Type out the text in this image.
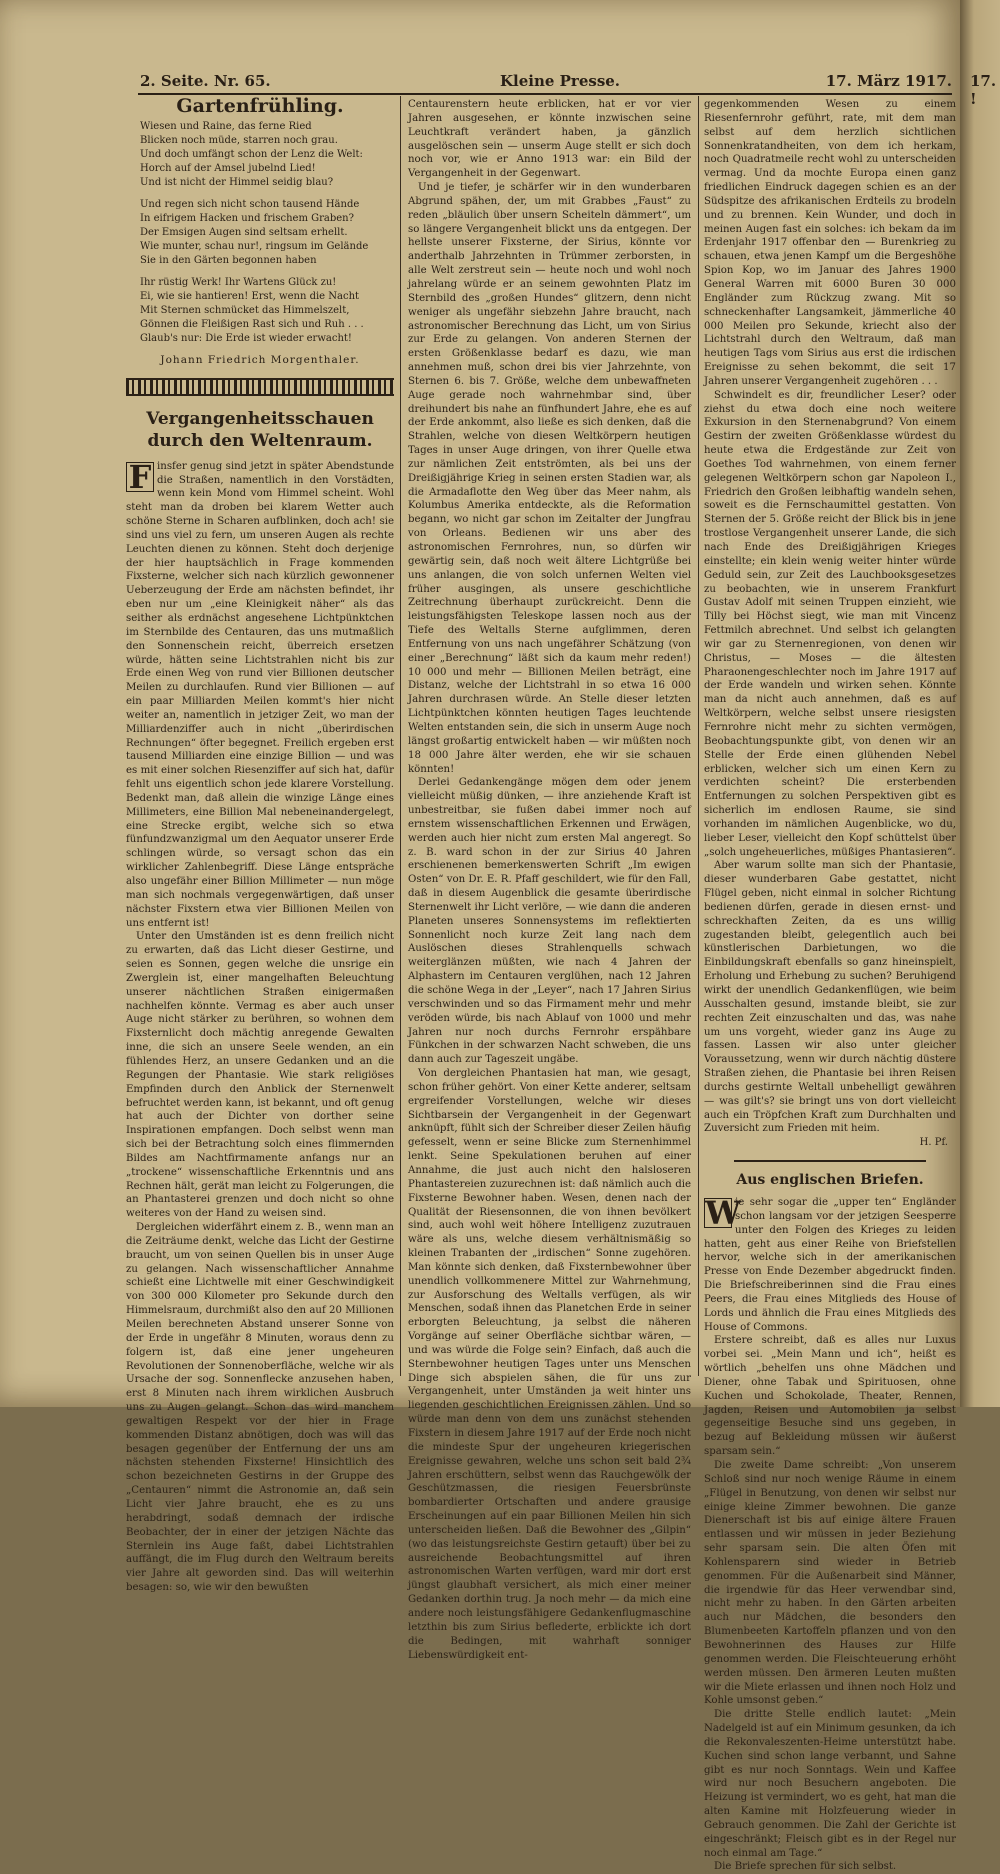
2. Seite. Nr. 65.	Kleine Presse.	17. März 1917.
Gartenfrühling.
Wiesen und Raine, das ferne Ried
Blicken noch müde, starren noch grau.
Und doch umfängt schon der Lenz die Welt:
Horch auf der Amsel jubelnd Lied!
Und ist nicht der Himmel seidig blau?
Und regen sich nicht schon tausend Hände
In eifrigem Hacken und frischem Graben?
Der Emsigen Augen sind seltsam erhellt.
Wie munter, schau nur!, ringsum im Gelände
Sie in den Gärten begonnen haben
Ihr rüstig Werk! Ihr Wartens Glück zu!
Ei, wie sie hantieren! Erst, wenn die Nacht
Mit Sternen schmücket das Himmelszelt,
Gönnen die Fleißigen Rast sich und Ruh . . .
Glaub's nur: Die Erde ist wieder erwacht!
Johann Friedrich Morgenthaler.
Vergangenheitsschauen durch den Weltenraum.
F insfer genug sind jetzt in später Abendstunde die Straßen, namentlich in den Vorstädten, wenn kein Mond vom Himmel scheint. Wohl steht man da droben bei klarem Wetter auch schöne Sterne in Scharen aufblinken, doch ach! sie sind uns viel zu fern, um unseren Augen als rechte Leuchten dienen zu können. Steht doch derjenige der hier hauptsächlich in Frage kommenden Fixsterne, welcher sich nach kürzlich gewonnener Ueberzeugung der Erde am nächsten befindet, ihr eben nur um „eine Kleinigkeit näher“ als das seither als erdnächst angesehene Lichtpünktchen im Sternbilde des Centauren, das uns mutmaßlich den Sonnenschein reicht, überreich ersetzen würde, hätten seine Lichtstrahlen nicht bis zur Erde einen Weg von rund vier Billionen deutscher Meilen zu durchlaufen. Rund vier Billionen — auf ein paar Milliarden Meilen kommt's hier nicht weiter an, namentlich in jetziger Zeit, wo man der Milliardenziffer auch in nicht „überirdischen Rechnungen“ öfter begegnet. Freilich ergeben erst tausend Milliarden eine einzige Billion — und was es mit einer solchen Riesenziffer auf sich hat, dafür fehlt uns eigentlich schon jede klarere Vorstellung. Bedenkt man, daß allein die winzige Länge eines Millimeters, eine Billion Mal nebeneinandergelegt, eine Strecke ergibt, welche sich so etwa fünfundzwanzigmal um den Aequator unserer Erde schlingen würde, so versagt schon das ein wirklicher Zahlenbegriff. Diese Länge entspräche also ungefähr einer Billion Millimeter — nun möge man sich nochmals vergegenwärtigen, daß unser nächster Fixstern etwa vier Billionen Meilen von uns entfernt ist!

Unter den Umständen ist es denn freilich nicht zu erwarten, daß das Licht dieser Gestirne, und seien es Sonnen, gegen welche die unsrige ein Zwerglein ist, einer mangelhaften Beleuchtung unserer nächtlichen Straßen einigermaßen nachhelfen könnte. Vermag es aber auch unser Auge nicht stärker zu berühren, so wohnen dem Fixsternlicht doch mächtig anregende Gewalten inne, die sich an unsere Seele wenden, an ein fühlendes Herz, an unsere Gedanken und an die Regungen der Phantasie. Wie stark religiöses Empfinden durch den Anblick der Sternenwelt befruchtet werden kann, ist bekannt, und oft genug hat auch der Dichter von dorther seine Inspirationen empfangen. Doch selbst wenn man sich bei der Betrachtung solch eines flimmernden Bildes am Nachtfirmamente anfangs nur an „trockene“ wissenschaftliche Erkenntnis und ans Rechnen hält, gerät man leicht zu Folgerungen, die an Phantasterei grenzen und doch nicht so ohne weiteres von der Hand zu weisen sind.

Dergleichen widerfährt einem z. B., wenn man an die Zeiträume denkt, welche das Licht der Gestirne braucht, um von seinen Quellen bis in unser Auge zu gelangen. Nach wissenschaftlicher Annahme schießt eine Lichtwelle mit einer Geschwindigkeit von 300 000 Kilometer pro Sekunde durch den Himmelsraum, durchmißt also den auf 20 Millionen Meilen berechneten Abstand unserer Sonne von der Erde in ungefähr 8 Minuten, woraus denn zu folgern ist, daß eine jener ungeheuren Revolutionen der Sonnenoberfläche, welche wir als Ursache der sog. Sonnenflecke anzusehen haben, erst 8 Minuten nach ihrem wirklichen Ausbruch uns zu Augen gelangt. Schon das wird manchem gewaltigen Respekt vor der hier in Frage kommenden Distanz abnötigen, doch was will das besagen gegenüber der Entfernung der uns am nächsten stehenden Fixsterne! Hinsichtlich des schon bezeichneten Gestirns in der Gruppe des „Centauren“ nimmt die Astronomie an, daß sein Licht vier Jahre braucht, ehe es zu uns herabdringt, sodaß demnach der irdische Beobachter, der in einer der jetzigen Nächte das Sternlein ins Auge faßt, dabei Lichtstrahlen auffängt, die im Flug durch den Weltraum bereits vier Jahre alt geworden sind. Das will weiterhin besagen: so, wie wir den bewußten

Centaurenstern heute erblicken, hat er vor vier Jahren ausgesehen, er könnte inzwischen seine Leuchtkraft verändert haben, ja gänzlich ausgelöschen sein — unserm Auge stellt er sich doch noch vor, wie er Anno 1913 war: ein Bild der Vergangenheit in der Gegenwart.

Und je tiefer, je schärfer wir in den wunderbaren Abgrund spähen, der, um mit Grabbes „Faust“ zu reden „bläulich über unsern Scheiteln dämmert“, um so längere Vergangenheit blickt uns da entgegen. Der hellste unserer Fixsterne, der Sirius, könnte vor anderthalb Jahrzehnten in Trümmer zerborsten, in alle Welt zerstreut sein — heute noch und wohl noch jahrelang würde er an seinem gewohnten Platz im Sternbild des „großen Hundes“ glitzern, denn nicht weniger als ungefähr siebzehn Jahre braucht, nach astronomischer Berechnung das Licht, um von Sirius zur Erde zu gelangen. Von anderen Sternen der ersten Größenklasse bedarf es dazu, wie man annehmen muß, schon drei bis vier Jahrzehnte, von Sternen 6. bis 7. Größe, welche dem unbewaffneten Auge gerade noch wahrnehmbar sind, über dreihundert bis nahe an fünfhundert Jahre, ehe es auf der Erde ankommt, also ließe es sich denken, daß die Strahlen, welche von diesen Weltkörpern heutigen Tages in unser Auge dringen, von ihrer Quelle etwa zur nämlichen Zeit entströmten, als bei uns der Dreißigjährige Krieg in seinen ersten Stadien war, als die Armadaflotte den Weg über das Meer nahm, als Kolumbus Amerika entdeckte, als die Reformation begann, wo nicht gar schon im Zeitalter der Jungfrau von Orleans. Bedienen wir uns aber des astronomischen Fernrohres, nun, so dürfen wir gewärtig sein, daß noch weit ältere Lichtgrüße bei uns anlangen, die von solch unfernen Welten viel früher ausgingen, als unsere geschichtliche Zeitrechnung überhaupt zurückreicht. Denn die leistungsfähigsten Teleskope lassen noch aus der Tiefe des Weltalls Sterne aufglimmen, deren Entfernung von uns nach ungefährer Schätzung (von einer „Berechnung“ läßt sich da kaum mehr reden!) 10 000 und mehr — Billionen Meilen beträgt, eine Distanz, welche der Lichtstrahl in so etwa 16 000 Jahren durchrasen würde. An Stelle dieser letzten Lichtpünktchen könnten heutigen Tages leuchtende Welten entstanden sein, die sich in unserm Auge noch längst großartig entwickelt haben — wir müßten noch 18 000 Jahre älter werden, ehe wir sie schauen könnten!

Derlei Gedankengänge mögen dem oder jenem vielleicht müßig dünken, — ihre anziehende Kraft ist unbestreitbar, sie fußen dabei immer noch auf ernstem wissenschaftlichen Erkennen und Erwägen, werden auch hier nicht zum ersten Mal angeregt. So z. B. ward schon in der zur Sirius 40 Jahren erschienenen bemerkenswerten Schrift „Im ewigen Osten“ von Dr. E. R. Pfaff geschildert, wie für den Fall, daß in diesem Augenblick die gesamte überirdische Sternenwelt ihr Licht verlöre, — wie dann die anderen Planeten unseres Sonnensystems im reflektierten Sonnenlicht noch kurze Zeit lang nach dem Auslöschen dieses Strahlenquells schwach weiterglänzen müßten, wie nach 4 Jahren der Alphastern im Centauren verglühen, nach 12 Jahren die schöne Wega in der „Leyer“, nach 17 Jahren Sirius verschwinden und so das Firmament mehr und mehr veröden würde, bis nach Ablauf von 1000 und mehr Jahren nur noch durchs Fernrohr erspähbare Fünkchen in der schwarzen Nacht schweben, die uns dann auch zur Tageszeit ungäbe.

Von dergleichen Phantasien hat man, wie gesagt, schon früher gehört. Von einer Kette anderer, seltsam ergreifender Vorstellungen, welche wir dieses Sichtbarsein der Vergangenheit in der Gegenwart anknüpft, fühlt sich der Schreiber dieser Zeilen häufig gefesselt, wenn er seine Blicke zum Sternenhimmel lenkt. Seine Spekulationen beruhen auf einer Annahme, die just auch nicht den halsloseren Phantastereien zuzurechnen ist: daß nämlich auch die Fixsterne Bewohner haben. Wesen, denen nach der Qualität der Riesensonnen, die von ihnen bevölkert sind, auch wohl weit höhere Intelligenz zuzutrauen wäre als uns, welche diesem verhältnismäßig so kleinen Trabanten der „irdischen“ Sonne zugehören. Man könnte sich denken, daß Fixsternbewohner über unendlich vollkommenere Mittel zur Wahrnehmung, zur Ausforschung des Weltalls verfügen, als wir Menschen, sodaß ihnen das Planetchen Erde in seiner erborgten Beleuchtung, ja selbst die näheren Vorgänge auf seiner Oberfläche sichtbar wären, — und was würde die Folge sein? Einfach, daß auch die Sternbewohner heutigen Tages unter uns Menschen Dinge sich abspielen sähen, die für uns zur Vergangenheit, unter Umständen ja weit hinter uns liegenden geschichtlichen Ereignissen zählen. Und so würde man denn von dem uns zunächst stehenden Fixstern in diesem Jahre 1917 auf der Erde noch nicht die mindeste Spur der ungeheuren kriegerischen Ereignisse gewahren, welche uns schon seit bald 2¾ Jahren erschüttern, selbst wenn das Rauchgewölk der Geschützmassen, die riesigen Feuersbrünste bombardierter Ortschaften und andere grausige Erscheinungen auf ein paar Billionen Meilen hin sich unterscheiden ließen. Daß die Bewohner des „Gilpin“ (wo das leistungsreichste Gestirn getauft) über bei zu ausreichende Beobachtungsmittel auf ihren astronomischen Warten verfügen, ward mir dort erst jüngst glaubhaft versichert, als mich einer meiner Gedanken dorthin trug. Ja noch mehr — da mich eine andere noch leistungsfähigere Gedankenflugmaschine letzthin bis zum Sirius beflederte, erblickte ich dort die Bedingen, mit wahrhaft sonniger Liebenswürdigkeit ent-

gegenkommenden Wesen zu einem Riesenfernrohr geführt, rate, mit dem man selbst auf dem herzlich sichtlichen Sonnenkratandheiten, von dem ich herkam, noch Quadratmeile recht wohl zu unterscheiden vermag. Und da mochte Europa einen ganz friedlichen Eindruck dagegen schien es an der Südspitze des afrikanischen Erdteils zu brodeln und zu brennen. Kein Wunder, und doch in meinen Augen fast ein solches: ich bekam da im Erdenjahr 1917 offenbar den — Burenkrieg zu schauen, etwa jenen Kampf um die Bergeshöhe Spion Kop, wo im Januar des Jahres 1900 General Warren mit 6000 Buren 30 000 Engländer zum Rückzug zwang. Mit so schneckenhafter Langsamkeit, jämmerliche 40 000 Meilen pro Sekunde, kriecht also der Lichtstrahl durch den Weltraum, daß man heutigen Tags vom Sirius aus erst die irdischen Ereignisse zu sehen bekommt, die seit 17 Jahren unserer Vergangenheit zugehören . . .

Schwindelt es dir, freundlicher Leser? oder ziehst du etwa doch eine noch weitere Exkursion in den Sternenabgrund? Von einem Gestirn der zweiten Größenklasse würdest du heute etwa die Erdgestände zur Zeit von Goethes Tod wahrnehmen, von einem ferner gelegenen Weltkörpern schon gar Napoleon I., Friedrich den Großen leibhaftig wandeln sehen, soweit es die Fernschaumittel gestatten. Von Sternen der 5. Größe reicht der Blick bis in jene trostlose Vergangenheit unserer Lande, die sich nach Ende des Dreißigjährigen Krieges einstellte; ein klein wenig weiter hinter würde Geduld sein, zur Zeit des Lauchbooksgesetzes zu beobachten, wie in unserem Frankfurt Gustav Adolf mit seinen Truppen einzieht, wie Tilly bei Höchst siegt, wie man mit Vincenz Fettmilch abrechnet. Und selbst ich gelangten wir gar zu Sternenregionen, von denen wir Christus, — Moses — die ältesten Pharaonengeschlechter noch im Jahre 1917 auf der Erde wandeln und wirken sehen. Könnte man da nicht auch annehmen, daß es auf Weltkörpern, welche selbst unsere riesigsten Fernrohre nicht mehr zu sichten vermögen, Beobachtungspunkte gibt, von denen wir an Stelle der Erde einen glühenden Nebel erblicken, welcher sich um einen Kern zu verdichten scheint? Die ersterbenden Entfernungen zu solchen Perspektiven gibt es sicherlich im endlosen Raume, sie sind vorhanden im nämlichen Augenblicke, wo du, lieber Leser, vielleicht den Kopf schüttelst über „solch ungeheuerliches, müßiges Phantasieren“.

Aber warum sollte man sich der Phantasie, dieser wunderbaren Gabe gestattet, nicht Flügel geben, nicht einmal in solcher Richtung bedienen dürfen, gerade in diesen ernst- und schreckhaften Zeiten, da es uns willig zugestanden bleibt, gelegentlich auch bei künstlerischen Darbietungen, wo die Einbildungskraft ebenfalls so ganz hineinspielt, Erholung und Erhebung zu suchen? Beruhigend wirkt der unendlich Gedankenflügen, wie beim Ausschalten gesund, imstande bleibt, sie zur rechten Zeit einzuschalten und das, was nahe um uns vorgeht, wieder ganz ins Auge zu fassen. Lassen wir also unter gleicher Voraussetzung, wenn wir durch nächtig düstere Straßen ziehen, die Phantasie bei ihren Reisen durchs gestirnte Weltall unbehelligt gewähren — was gilt's? sie bringt uns von dort vielleicht auch ein Tröpfchen Kraft zum Durchhalten und Zuversicht zum Frieden mit heim.

H. Pf.
Aus englischen Briefen.
W

ie sehr sogar die „upper ten“ Engländer schon langsam vor der jetzigen Seesperre unter den Folgen des Krieges zu leiden hatten, geht aus einer Reihe von Briefstellen hervor, welche sich in der amerikanischen Presse von Ende Dezember abgedruckt finden. Die Briefschreiberinnen sind die Frau eines Peers, die Frau eines Mitglieds des House of Lords und ähnlich die Frau eines Mitglieds des House of Commons.

Erstere schreibt, daß es alles nur Luxus vorbei sei. „Mein Mann und ich“, heißt es wörtlich „behelfen uns ohne Mädchen und Diener, ohne Tabak und Spirituosen, ohne Kuchen und Schokolade, Theater, Rennen, Jagden, Reisen und Automobilen ja selbst gegenseitige Besuche sind uns gegeben, in bezug auf Bekleidung müssen wir äußerst sparsam sein.“

Die zweite Dame schreibt: „Von unserem Schloß sind nur noch wenige Räume in einem „Flügel in Benutzung, von denen wir selbst nur einige kleine Zimmer bewohnen. Die ganze Dienerschaft ist bis auf einige ältere Frauen entlassen und wir müssen in jeder Beziehung sehr sparsam sein. Die alten Öfen mit Kohlensparern sind wieder in Betrieb genommen. Für die Außenarbeit sind Männer, die irgendwie für das Heer verwendbar sind, nicht mehr zu haben. In den Gärten arbeiten auch nur Mädchen, die besonders den Blumenbeeten Kartoffeln pflanzen und von den Bewohnerinnen des Hauses zur Hilfe genommen werden. Die Fleischteuerung erhöht werden müssen. Den ärmeren Leuten mußten wir die Miete erlassen und ihnen noch Holz und Kohle umsonst geben.“

Die dritte Stelle endlich lautet: „Mein Nadelgeld ist auf ein Minimum gesunken, da ich die Rekonvaleszenten-Heime unterstützt habe. Kuchen sind schon lange verbannt, und Sahne gibt es nur noch Sonntags. Wein und Kaffee wird nur noch Besuchern angeboten. Die Heizung ist vermindert, wo es geht, hat man die alten Kamine mit Holzfeuerung wieder in Gebrauch genommen. Die Zahl der Gerichte ist eingeschränkt; Fleisch gibt es in der Regel nur noch einmal am Tage.“

Die Briefe sprechen für sich selbst.

17. !
